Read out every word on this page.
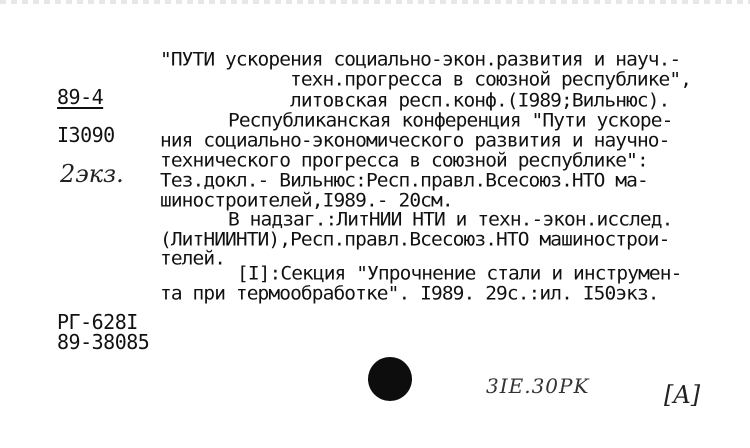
89-4
I3090
2экз.
РГ-628I
89-38085
"ПУТИ ускорения социально-экон.развития и науч.-
техн.прогресса в союзной республике",
литовская респ.конф.(I989;Вильнюс).
Республиканская конференция "Пути ускоре-
ния социально-экономического развития и научно-
технического прогресса в союзной республике":
Тез.докл.- Вильнюс:Респ.правл.Всесоюз.НТО ма-
шиностроителей,I989.- 20см.
В надзаг.:ЛитНИИ НТИ и техн.-экон.исслед.
(ЛитНИИНТИ),Респ.правл.Всесоюз.НТО машинострои-
телей.
[I]:Секция "Упрочнение стали и инструмен-
та при термообработке". I989. 29с.:ил. I50экз.
3IE.30PK	[A]
